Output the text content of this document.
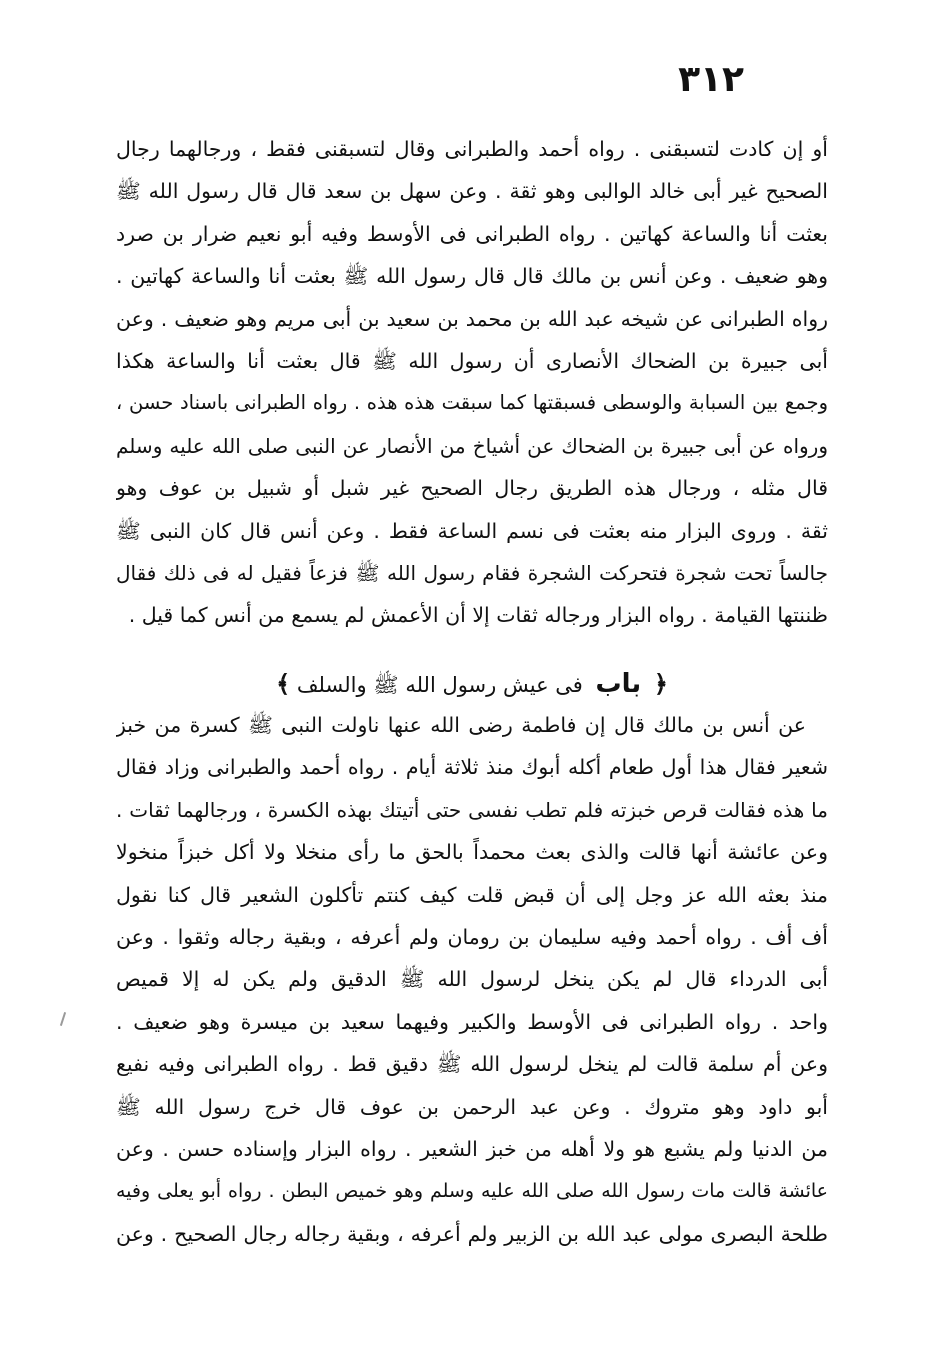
٣١٢
أو إن كادت لتسبقنى . رواه أحمد والطبرانى وقال لتسبقنى فقط ، ورجالهما رجال
الصحيح غير أبى خالد الوالبى وهو ثقة . وعن سهل بن سعد قال قال رسول الله ﷺ
بعثت أنا والساعة كهاتين . رواه الطبرانى فى الأوسط وفيه أبو نعيم ضرار بن صرد
وهو ضعيف . وعن أنس بن مالك قال قال رسول الله ﷺ بعثت أنا والساعة كهاتين .
رواه الطبرانى عن شيخه عبد الله بن محمد بن سعيد بن أبى مريم وهو ضعيف . وعن
أبى جبيرة بن الضحاك الأنصارى أن رسول الله ﷺ قال بعثت أنا والساعة هكذا
وجمع بين السبابة والوسطى فسبقتها كما سبقت هذه هذه . رواه الطبرانى باسناد حسن ،
ورواه عن أبى جبيرة بن الضحاك عن أشياخ من الأنصار عن النبى صلى الله عليه وسلم
قال مثله ، ورجال هذه الطريق رجال الصحيح غير شبل أو شبيل بن عوف وهو
ثقة . وروى البزار منه بعثت فى نسم الساعة فقط . وعن أنس قال كان النبى ﷺ
جالساً تحت شجرة فتحركت الشجرة فقام رسول الله ﷺ فزعاً فقيل له فى ذلك فقال
ظننتها القيامة . رواه البزار ورجاله ثقات إلا أن الأعمش لم يسمع من أنس كما قيل .
﴿ باب فى عيش رسول الله ﷺ والسلف ﴾
عن أنس بن مالك قال إن فاطمة رضى الله عنها ناولت النبى ﷺ كسرة من خبز
شعير فقال هذا أول طعام أكله أبوك منذ ثلاثة أيام . رواه أحمد والطبرانى وزاد فقال
ما هذه فقالت قرص خبزته فلم تطب نفسى حتى أتيتك بهذه الكسرة ، ورجالهما ثقات .
وعن عائشة أنها قالت والذى بعث محمداً بالحق ما رأى منخلا ولا أكل خبزاً منخولا
منذ بعثه الله عز وجل إلى أن قبض قلت كيف كنتم تأكلون الشعير قال كنا نقول
أف أف . رواه أحمد وفيه سليمان بن رومان ولم أعرفه ، وبقية رجاله وثقوا . وعن
أبى الدرداء قال لم يكن ينخل لرسول الله ﷺ الدقيق ولم يكن له إلا قميص
واحد . رواه الطبرانى فى الأوسط والكبير وفيهما سعيد بن ميسرة وهو ضعيف .
وعن أم سلمة قالت لم ينخل لرسول الله ﷺ دقيق قط . رواه الطبرانى وفيه نفيع
أبو داود وهو متروك . وعن عبد الرحمن بن عوف قال خرج رسول الله ﷺ
من الدنيا ولم يشبع هو ولا أهله من خبز الشعير . رواه البزار وإسناده حسن . وعن
عائشة قالت مات رسول الله صلى الله عليه وسلم وهو خميص البطن . رواه أبو يعلى وفيه
طلحة البصرى مولى عبد الله بن الزبير ولم أعرفه ، وبقية رجاله رجال الصحيح . وعن
